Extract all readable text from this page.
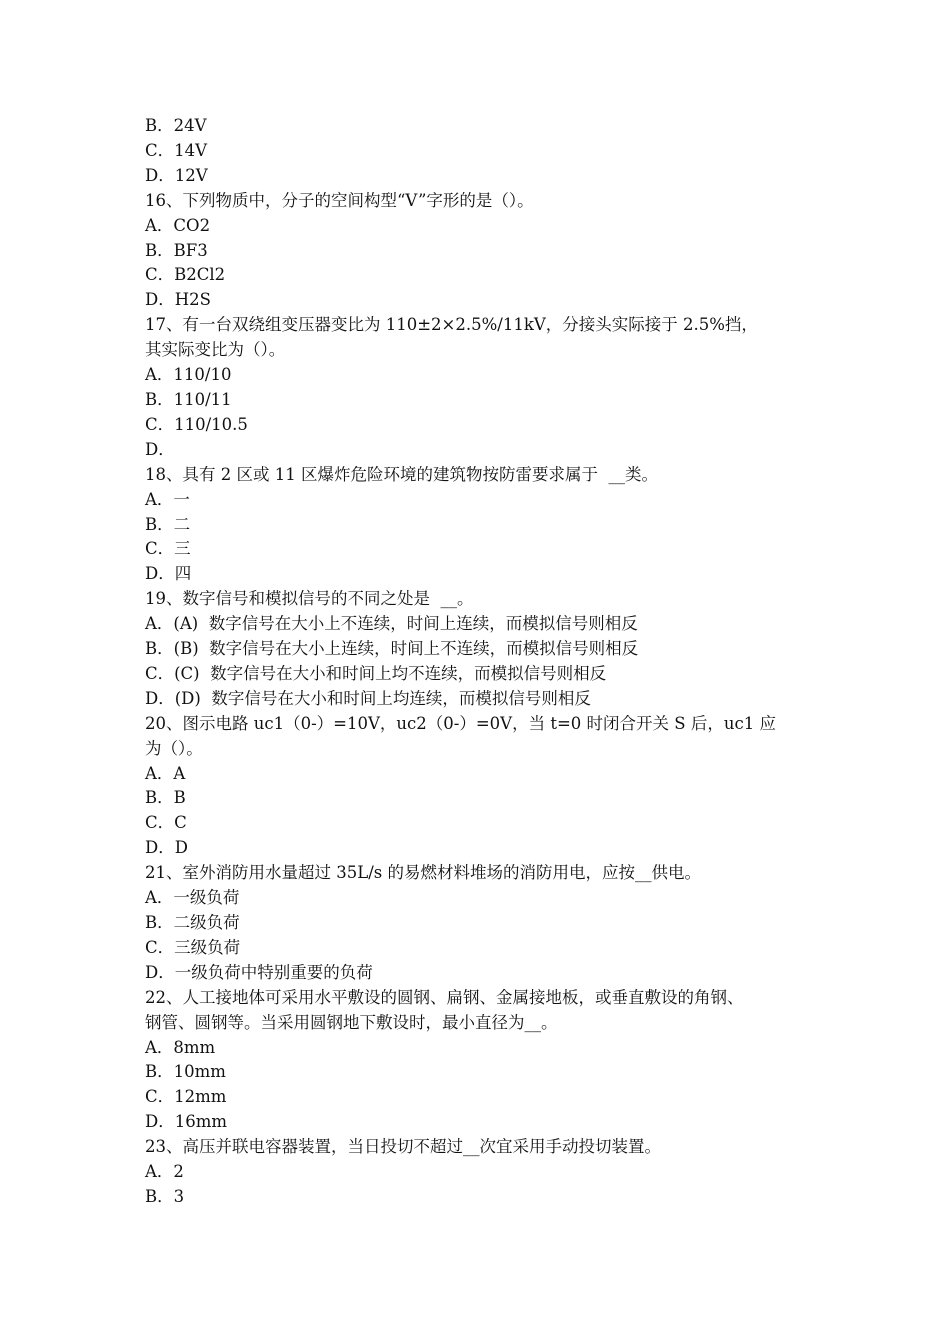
B．24V
C．14V
D．12V
16、下列物质中，分子的空间构型“V”字形的是（）。
A．CO2
B．BF3
C．B2Cl2
D．H2S
17、有一台双绕组变压器变比为 110±2×2.5%/11kV，分接头实际接于 2.5%挡，
其实际变比为（）。
A．110/10
B．110/11
C．110/10.5
D．
18、具有 2 区或 11 区爆炸危险环境的建筑物按防雷要求属于  __类。
A．一
B．二
C．三
D．四
19、数字信号和模拟信号的不同之处是  __。
A．(A)  数字信号在大小上不连续，时间上连续，而模拟信号则相反
B．(B)  数字信号在大小上连续，时间上不连续，而模拟信号则相反
C．(C)  数字信号在大小和时间上均不连续，而模拟信号则相反
D．(D)  数字信号在大小和时间上均连续，而模拟信号则相反
20、图示电路 uc1（0-）=10V，uc2（0-）=0V，当 t=0 时闭合开关 S 后，uc1 应
为（）。
A．A
B．B
C．C
D．D
21、室外消防用水量超过 35L/s 的易燃材料堆场的消防用电，应按__供电。
A．一级负荷
B．二级负荷
C．三级负荷
D．一级负荷中特别重要的负荷
22、人工接地体可采用水平敷设的圆钢、扁钢、金属接地板，或垂直敷设的角钢、
钢管、圆钢等。当采用圆钢地下敷设时，最小直径为__。
A．8mm
B．10mm
C．12mm
D．16mm
23、高压并联电容器装置，当日投切不超过__次宜采用手动投切装置。
A．2
B．3
